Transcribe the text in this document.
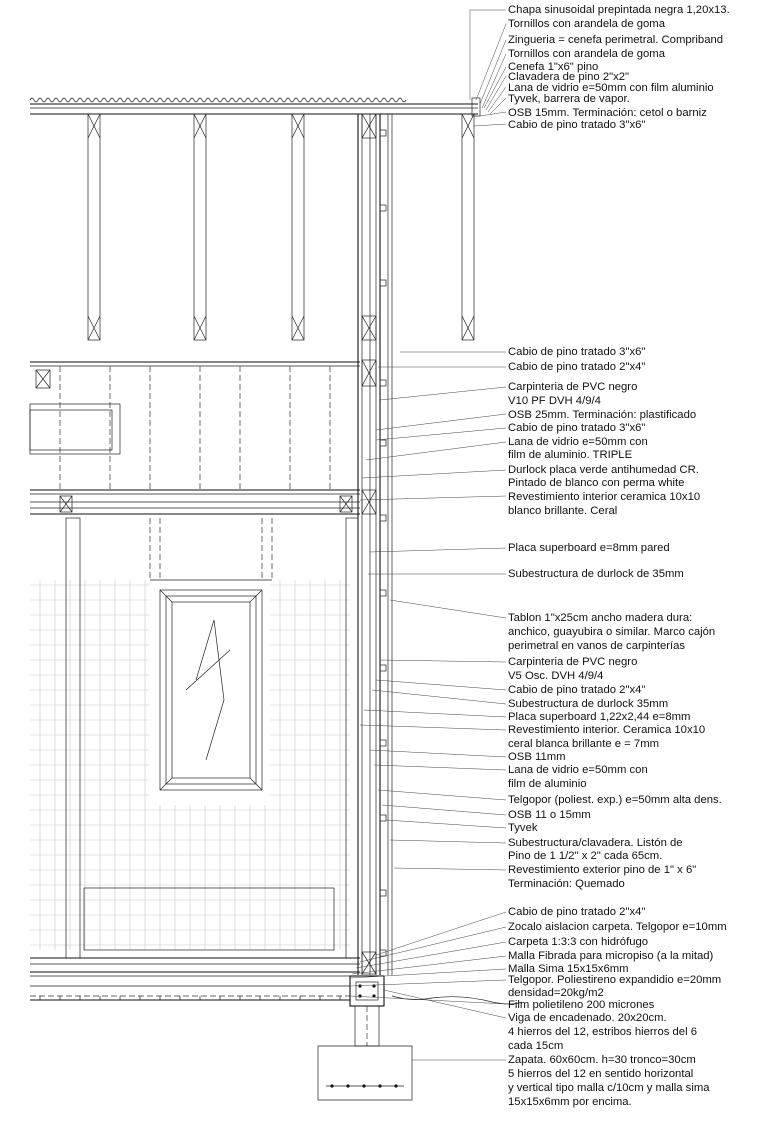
Chapa sinusoidal prepintada negra 1,20x13.
Tornillos con arandela de goma
Zingueria = cenefa perimetral. Compriband
Tornillos con arandela de goma
Cenefa 1"x6" pino
Clavadera de pino 2"x2"
Lana de vidrio e=50mm con film aluminio
Tyvek, barrera de vapor.
OSB 15mm. Terminación: cetol o barniz
Cabio de pino tratado 3"x6"
Cabio de pino tratado 3"x6"
Cabio de pino tratado 2"x4"
Carpinteria de PVC negro
V10 PF DVH 4/9/4
OSB 25mm. Terminación: plastificado
Cabio de pino tratado 3"x6"
Lana de vidrio e=50mm con
film de aluminio. TRIPLE
Durlock placa verde antihumedad CR.
Pintado de blanco con perma white
Revestimiento interior ceramica 10x10
blanco brillante. Ceral
Placa superboard e=8mm pared
Subestructura de durlock de 35mm
Tablon 1"x25cm ancho madera dura:
anchico, guayubira o similar. Marco cajón
perimetral en vanos de carpinterías
Carpinteria de PVC negro
V5 Osc. DVH 4/9/4
Cabio de pino tratado 2"x4"
Subestructura de durlock 35mm
Placa superboard 1,22x2,44 e=8mm
Revestimiento interior. Ceramica 10x10
ceral blanca brillante e = 7mm
OSB 11mm
Lana de vidrio e=50mm con
film de aluminio
Telgopor (poliest. exp.) e=50mm alta dens.
OSB 11 o 15mm
Tyvek
Subestructura/clavadera. Listón de
Pino de 1 1/2" x 2" cada 65cm.
Revestimiento exterior pino de 1" x 6"
Terminación: Quemado
Cabio de pino tratado 2"x4"
Zocalo aislacion carpeta. Telgopor e=10mm
Carpeta 1:3:3 con hidrófugo
Malla Fibrada para micropiso (a la mitad)
Malla Sima 15x15x6mm
Telgopor. Poliestireno expandidio e=20mm
densidad=20kg/m2
Film polietileno 200 micrones
Viga de encadenado. 20x20cm.
4 hierros del 12, estribos hierros del 6
cada 15cm
Zapata. 60x60cm. h=30 tronco=30cm
5 hierros del 12 en sentido horizontal
y vertical tipo malla c/10cm y malla sima
15x15x6mm por encima.
